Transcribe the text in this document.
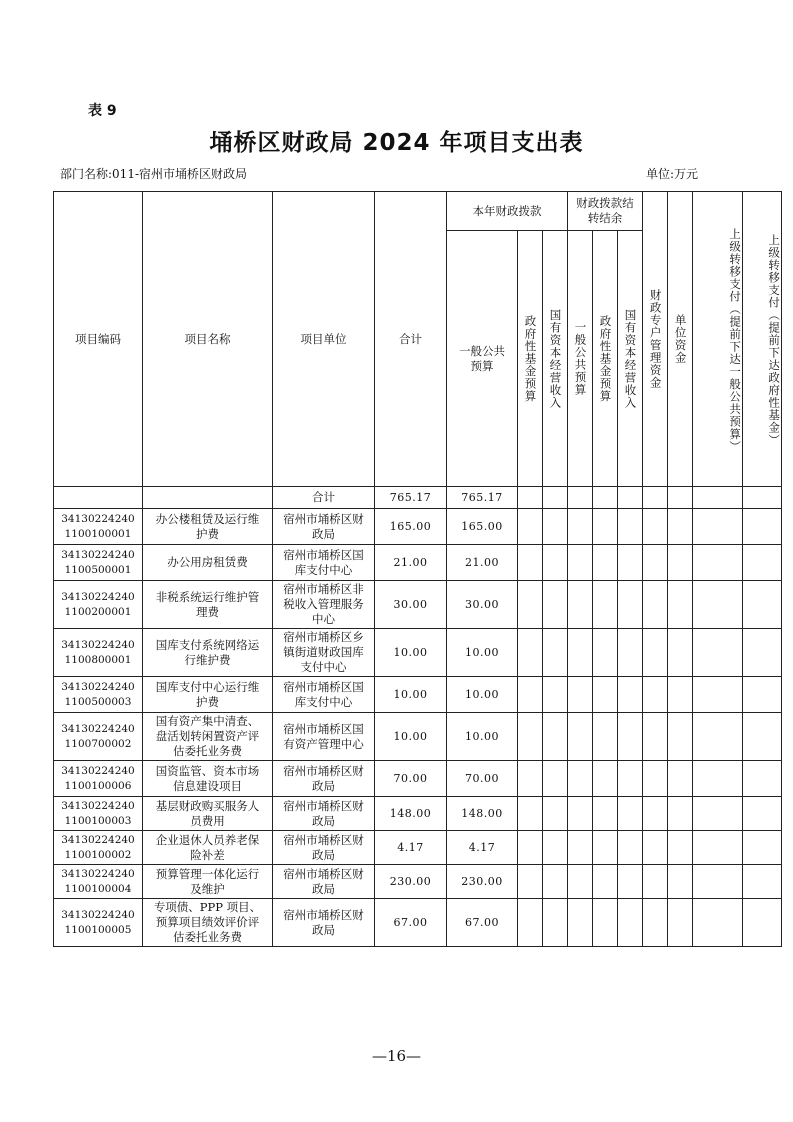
表 9
埇桥区财政局 2024 年项目支出表
部门名称:011-宿州市埇桥区财政局	单位:万元
项目编码	项目名称	项目单位	合计	本年财政拨款			财政拨款结转结余			财政专户管理资金	单位资金	上级转移支付（提前下达一般公共预算）	上级转移支付（提前下达政府性基金）
				一般公共预算	政府性基金预算	国有资本经营收入	一般公共预算	政府性基金预算	国有资本经营收入				
		合计	765.17	765.17									

34130224240
1100100001	办公楼租赁及运行维护费	宿州市埇桥区财政局	165.00	165.00									

34130224240
1100500001	办公用房租赁费	宿州市埇桥区国库支付中心	21.00	21.00									

34130224240
1100200001	非税系统运行维护管理费	宿州市埇桥区非税收入管理服务中心	30.00	30.00									

34130224240
1100800001	国库支付系统网络运行维护费	宿州市埇桥区乡镇街道财政国库支付中心	10.00	10.00									

34130224240
1100500003	国库支付中心运行维护费	宿州市埇桥区国库支付中心	10.00	10.00									

34130224240
1100700002	国有资产集中清查、盘活划转闲置资产评估委托业务费	宿州市埇桥区国有资产管理中心	10.00	10.00									

34130224240
1100100006	国资监管、资本市场信息建设项目	宿州市埇桥区财政局	70.00	70.00									

34130224240
1100100003	基层财政购买服务人员费用	宿州市埇桥区财政局	148.00	148.00									

34130224240
1100100002	企业退休人员养老保险补差	宿州市埇桥区财政局	4.17	4.17									

34130224240
1100100004	预算管理一体化运行及维护	宿州市埇桥区财政局	230.00	230.00									

34130224240
1100100005	专项债、PPP 项目、预算项目绩效评价评估委托业务费	宿州市埇桥区财政局	67.00	67.00									
—16—
